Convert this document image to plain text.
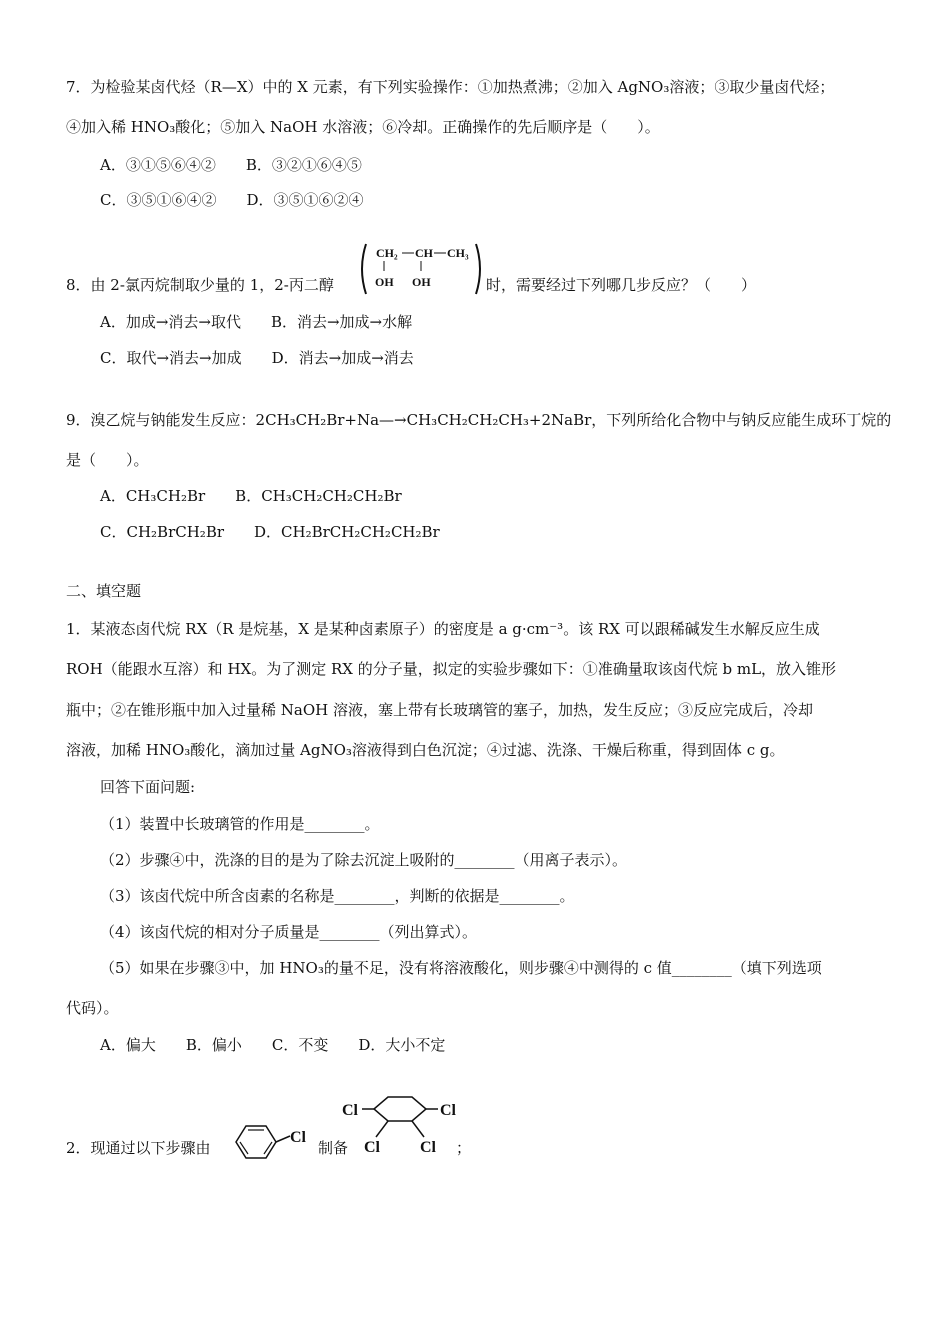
7．为检验某卤代烃（R—X）中的 X 元素，有下列实验操作：①加热煮沸；②加入 AgNO₃溶液；③取少量卤代烃；
④加入稀 HNO₃酸化；⑤加入 NaOH 水溶液；⑥冷却。正确操作的先后顺序是（　　）。
A．③①⑤⑥④②　　B．③②①⑥④⑤
C．③⑤①⑥④②　　D．③⑤①⑥②④
8．由 2-氯丙烷制取少量的 1，2-丙二醇
CH₂ CH CH₃
OH OH	时，需要经过下列哪几步反应？（　　）
A．加成→消去→取代　　B．消去→加成→水解
C．取代→消去→加成　　D．消去→加成→消去
9．溴乙烷与钠能发生反应：2CH₃CH₂Br+Na—→CH₃CH₂CH₂CH₃+2NaBr，下列所给化合物中与钠反应能生成环丁烷的
是（　　）。
A．CH₃CH₂Br　　B．CH₃CH₂CH₂CH₂Br
C．CH₂BrCH₂Br　　D．CH₂BrCH₂CH₂CH₂Br
二、填空题
1．某液态卤代烷 RX（R 是烷基，X 是某种卤素原子）的密度是 a g·cm⁻³。该 RX 可以跟稀碱发生水解反应生成
ROH（能跟水互溶）和 HX。为了测定 RX 的分子量，拟定的实验步骤如下：①准确量取该卤代烷 b mL，放入锥形
瓶中；②在锥形瓶中加入过量稀 NaOH 溶液，塞上带有长玻璃管的塞子，加热，发生反应；③反应完成后，冷却
溶液，加稀 HNO₃酸化，滴加过量 AgNO₃溶液得到白色沉淀；④过滤、洗涤、干燥后称重，得到固体 c g。
回答下面问题:
（1）装置中长玻璃管的作用是________。
（2）步骤④中，洗涤的目的是为了除去沉淀上吸附的________（用离子表示）。
（3）该卤代烷中所含卤素的名称是________，判断的依据是________。
（4）该卤代烷的相对分子质量是________（列出算式）。
（5）如果在步骤③中，加 HNO₃的量不足，没有将溶液酸化，则步骤④中测得的 c 值________（填下列选项
代码）。
A．偏大　　B．偏小　　C．不变　　D．大小不定
2．现通过以下步骤由
Cl
制备
Cl	Cl
Cl	Cl ；
